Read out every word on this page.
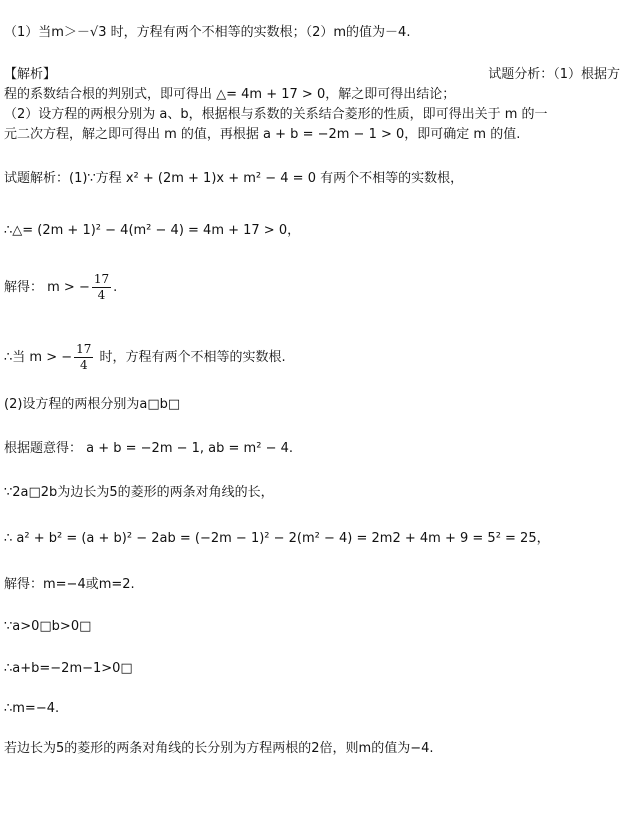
（1）当m＞－√3 时，方程有两个不相等的实数根；（2）m的值为－4.
【解析】	试题分析：（1）根据方
程的系数结合根的判别式，即可得出 △= 4m + 17 > 0，解之即可得出结论；
（2）设方程的两根分别为 a、b，根据根与系数的关系结合菱形的性质，即可得出关于 m 的一
元二次方程，解之即可得出 m 的值，再根据 a + b = −2m − 1 > 0，即可确定 m 的值.
试题解析：(1)∵方程 x² + (2m + 1)x + m² − 4 = 0 有两个不相等的实数根，
∴△= (2m + 1)² − 4(m² − 4) = 4m + 17 > 0，
解得： m > − $\frac{17}{4}$ .
∴当 m > − $\frac{17}{4}$ 时，方程有两个不相等的实数根.
(2)设方程的两根分别为a□b□
根据题意得： a + b = −2m − 1, ab = m² − 4.
∵2a□2b为边长为5的菱形的两条对角线的长，
∴ a² + b² = (a + b)² − 2ab = (−2m − 1)² − 2(m² − 4) = 2m2 + 4m + 9 = 5² = 25，
解得：m=−4或m=2.
∵a>0□b>0□
∴a+b=−2m−1>0□
∴m=−4.
若边长为5的菱形的两条对角线的长分别为方程两根的2倍，则m的值为−4.
